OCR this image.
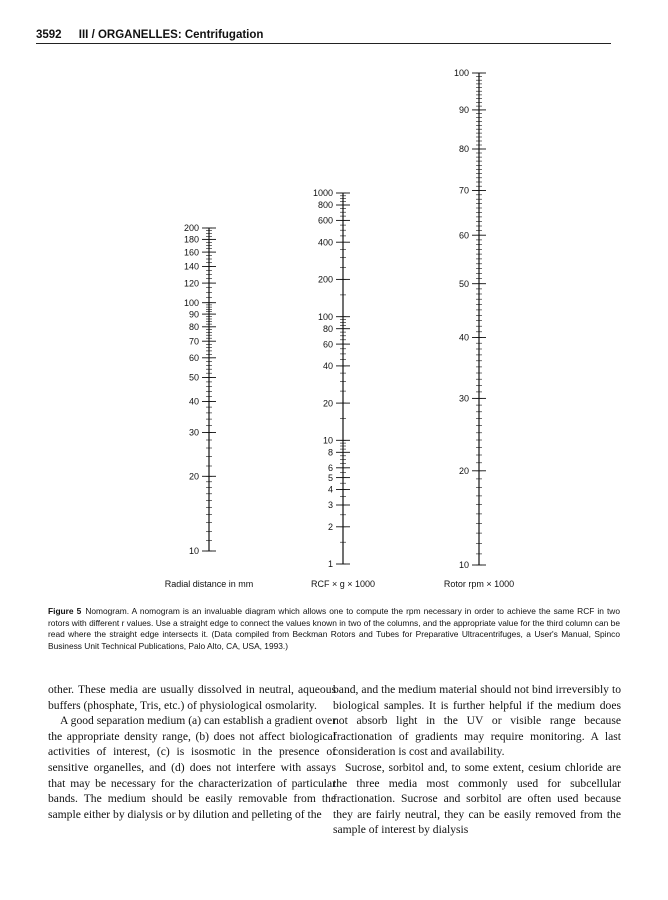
3592 III / ORGANELLES: Centrifugation
200
180
160
140
120
100
90
80
70
60
50
40
30
20
10
Radial distance in mm
1000
800
600
400
200
100
80
60
40
20
10
8
6
5
4
3
2
1
RCF × g × 1000
100
90
80
70
60
50
40
30
20
10
Rotor rpm × 1000
Figure 5 Nomogram. A nomogram is an invaluable diagram which allows one to compute the rpm necessary in order to achieve the same RCF in two rotors with different r values. Use a straight edge to connect the values known in two of the columns, and the appropriate value for the third column can be read where the straight edge intersects it. (Data compiled from Beckman Rotors and Tubes for Preparative Ultracentrifuges, a User's Manual, Spinco Business Unit Technical Publications, Palo Alto, CA, USA, 1993.)

other. These media are usually dissolved in neutral, aqueous buffers (phosphate, Tris, etc.) of physiological osmolarity.

A good separation medium (a) can establish a gradient over the appropriate density range, (b) does not affect biological activities of interest, (c) is isosmotic in the presence of sensitive organelles, and (d) does not interfere with assays that may be necessary for the characterization of particular bands. The medium should be easily removable from the sample either by dialysis or by dilution and pelleting of the

band, and the medium material should not bind irreversibly to biological samples. It is further helpful if the medium does not absorb light in the UV or visible range because fractionation of gradients may require monitoring. A last consideration is cost and availability.

Sucrose, sorbitol and, to some extent, cesium chloride are the three media most commonly used for subcellular fractionation. Sucrose and sorbitol are often used because they are fairly neutral, they can be easily removed from the sample of interest by dialysis
